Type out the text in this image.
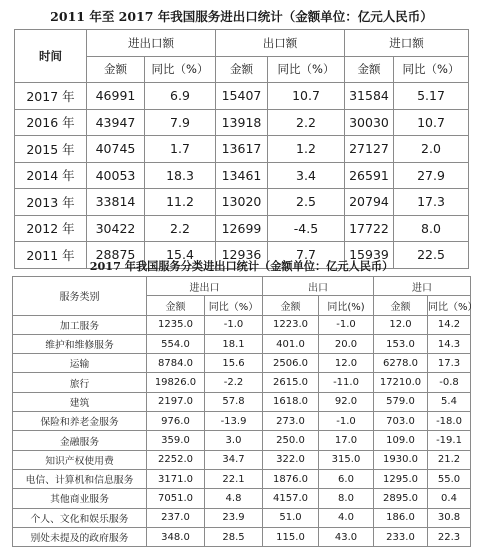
2011 年至 2017 年我国服务进出口统计（金额单位：亿元人民币）
时间	进出口额		出口额		进口额	
	金额	同比（%）	金额	同比（%）	金额	同比（%）
2017 年	46991	6.9	15407	10.7	31584	5.17
2016 年	43947	7.9	13918	2.2	30030	10.7
2015 年	40745	1.7	13617	1.2	27127	2.0
2014 年	40053	18.3	13461	3.4	26591	27.9
2013 年	33814	11.2	13020	2.5	20794	17.3
2012 年	30422	2.2	12699	-4.5	17722	8.0
2011 年	28875	15.4	12936	7.7	15939	22.5
2017 年我国服务分类进出口统计（金额单位：亿元人民币）
服务类别	进出口		出口		进口	
	金额	同比（%）	金额	同比(%)	金额	同比（%）
加工服务	1235.0	-1.0	1223.0	-1.0	12.0	14.2
维护和维修服务	554.0	18.1	401.0	20.0	153.0	14.3
运输	8784.0	15.6	2506.0	12.0	6278.0	17.3
旅行	19826.0	-2.2	2615.0	-11.0	17210.0	-0.8
建筑	2197.0	57.8	1618.0	92.0	579.0	5.4
保险和养老金服务	976.0	-13.9	273.0	-1.0	703.0	-18.0
金融服务	359.0	3.0	250.0	17.0	109.0	-19.1
知识产权使用费	2252.0	34.7	322.0	315.0	1930.0	21.2
电信、计算机和信息服务	3171.0	22.1	1876.0	6.0	1295.0	55.0
其他商业服务	7051.0	4.8	4157.0	8.0	2895.0	0.4
个人、文化和娱乐服务	237.0	23.9	51.0	4.0	186.0	30.8
别处未提及的政府服务	348.0	28.5	115.0	43.0	233.0	22.3
